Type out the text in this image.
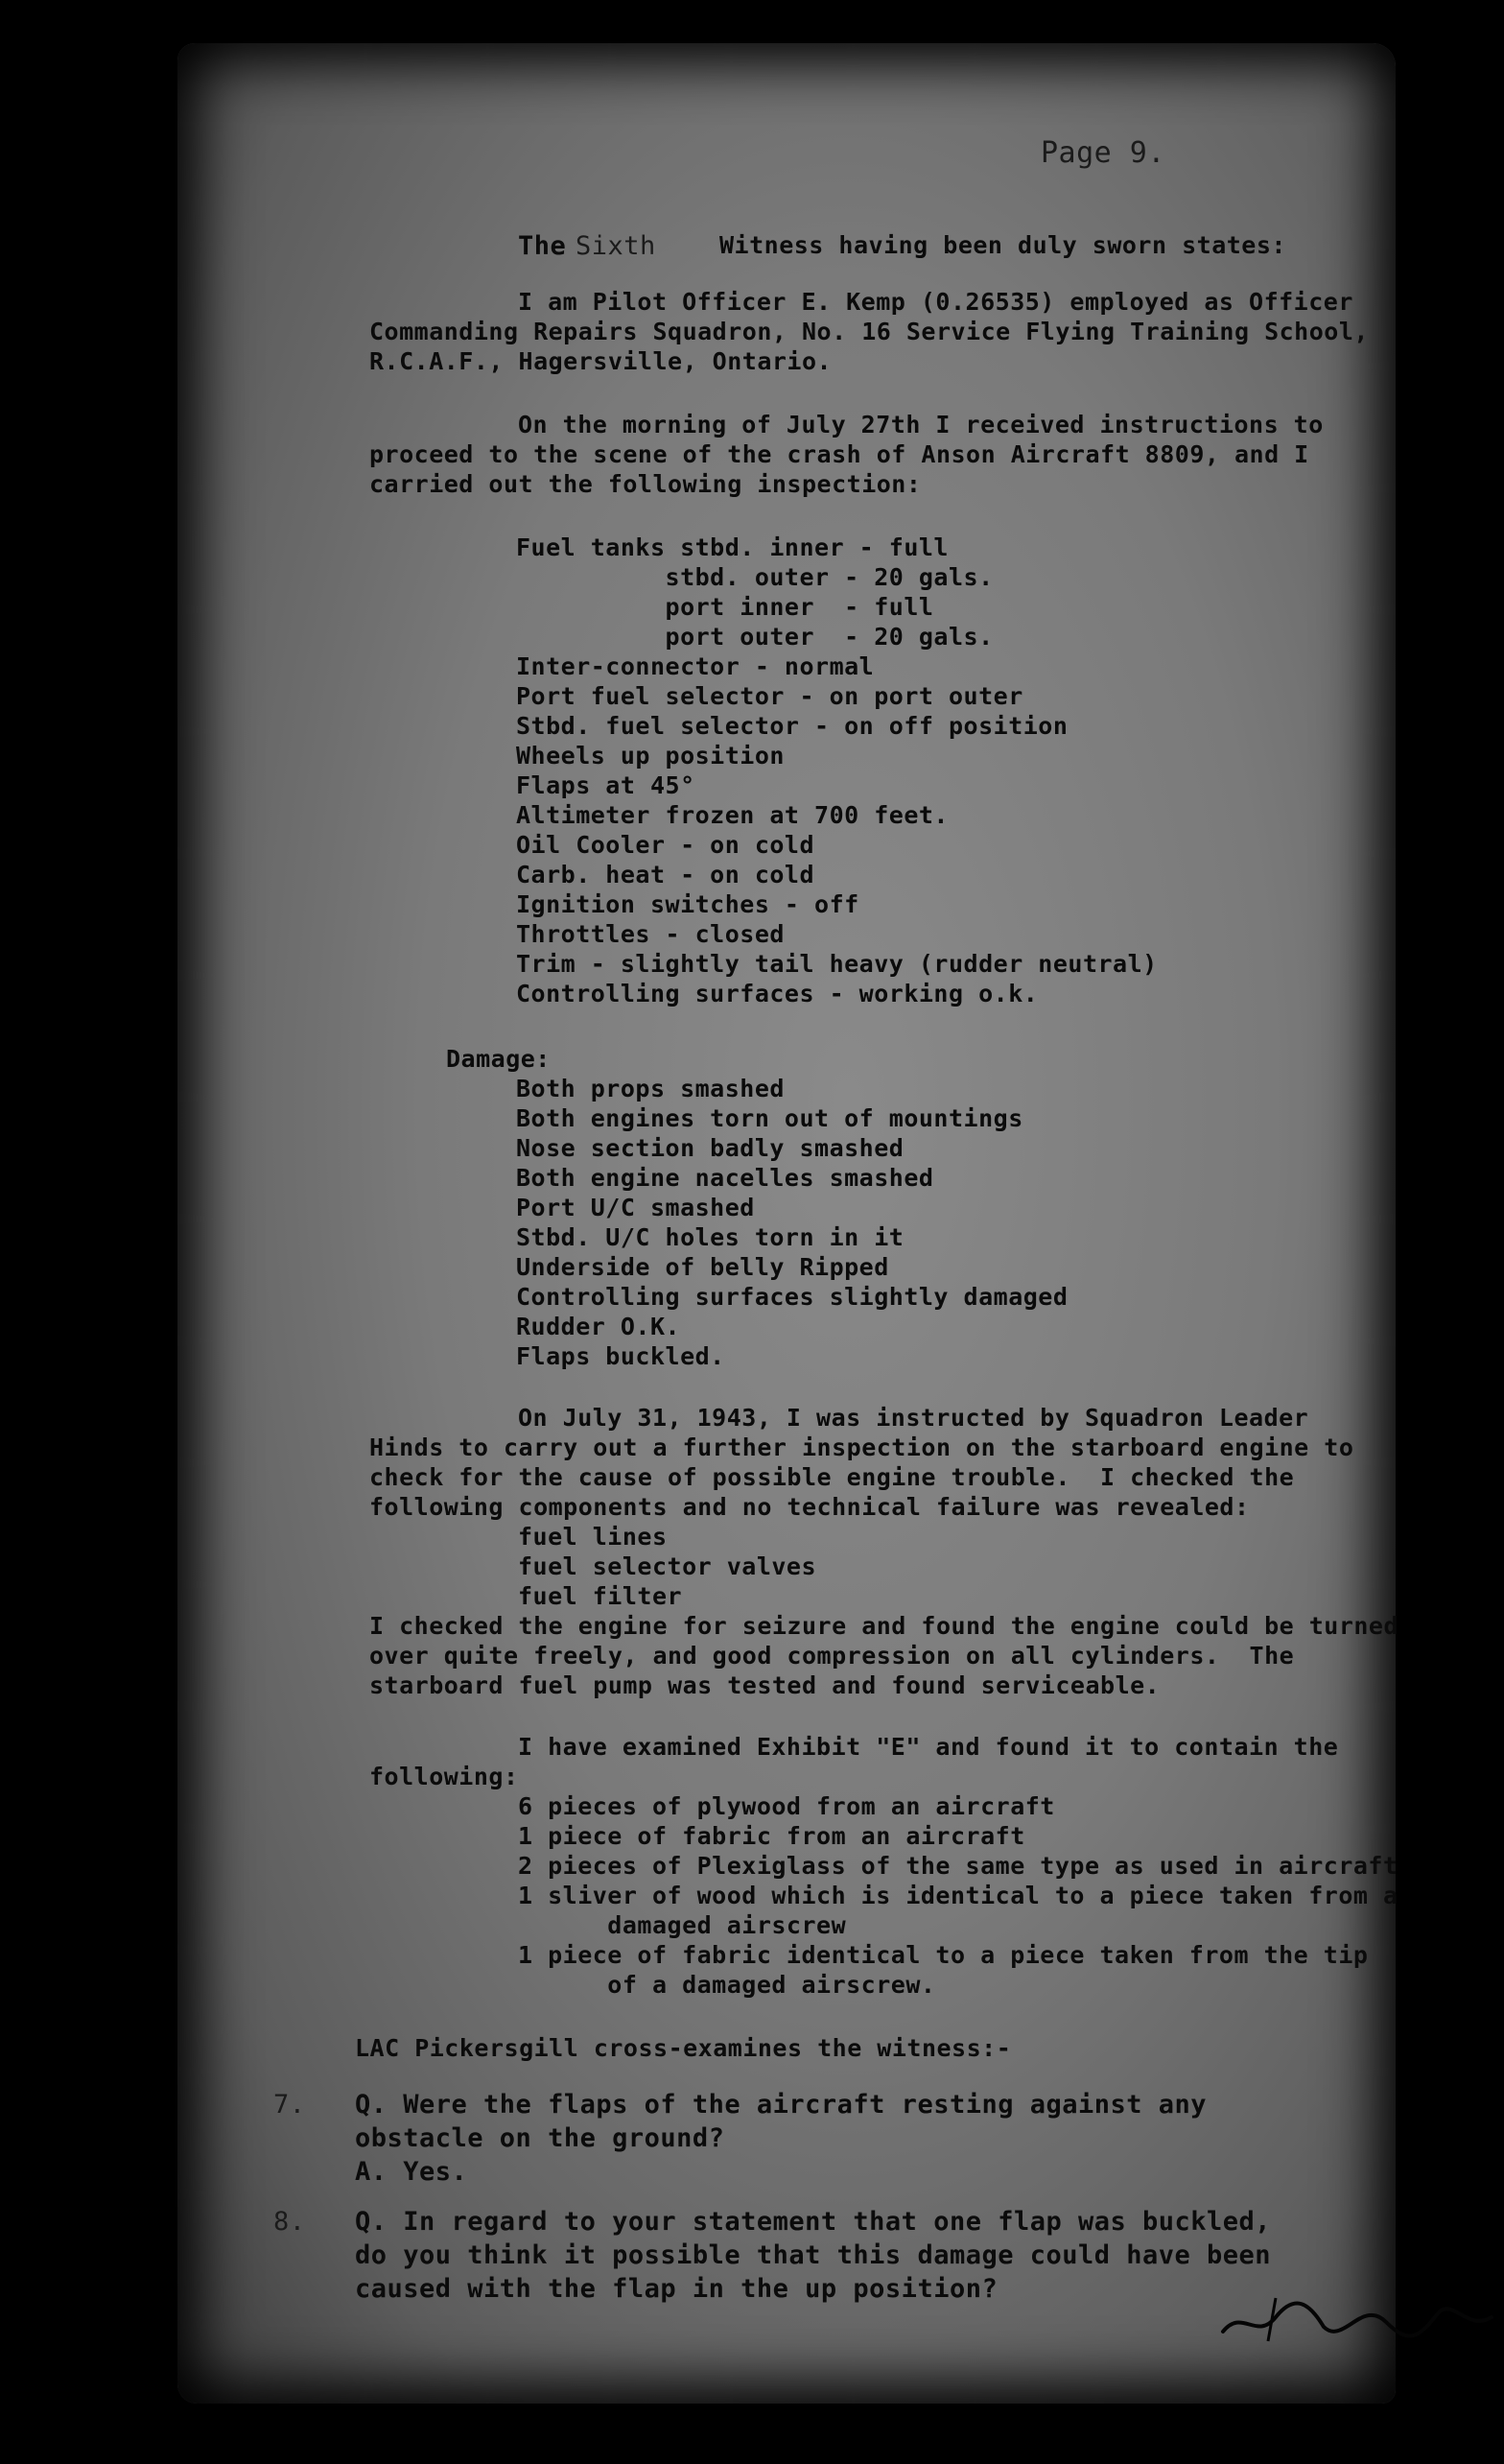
Page 9.
The Sixth	Witness having been duly sworn states:
I am Pilot Officer E. Kemp (0.26535) employed as Officer
Commanding Repairs Squadron, No. 16 Service Flying Training School,
R.C.A.F., Hagersville, Ontario.
On the morning of July 27th I received instructions to
proceed to the scene of the crash of Anson Aircraft 8809, and I
carried out the following inspection:
Fuel tanks stbd. inner - full
stbd. outer - 20 gals.
port inner  - full
port outer  - 20 gals.
Inter-connector - normal
Port fuel selector - on port outer
Stbd. fuel selector - on off position
Wheels up position
Flaps at 45°
Altimeter frozen at 700 feet.
Oil Cooler - on cold
Carb. heat - on cold
Ignition switches - off
Throttles - closed
Trim - slightly tail heavy (rudder neutral)
Controlling surfaces - working o.k.
Damage:
Both props smashed
Both engines torn out of mountings
Nose section badly smashed
Both engine nacelles smashed
Port U/C smashed
Stbd. U/C holes torn in it
Underside of belly Ripped
Controlling surfaces slightly damaged
Rudder O.K.
Flaps buckled.
On July 31, 1943, I was instructed by Squadron Leader
Hinds to carry out a further inspection on the starboard engine to
check for the cause of possible engine trouble.  I checked the
following components and no technical failure was revealed:
fuel lines
fuel selector valves
fuel filter
I checked the engine for seizure and found the engine could be turned
over quite freely, and good compression on all cylinders.  The
starboard fuel pump was tested and found serviceable.
I have examined Exhibit "E" and found it to contain the
following:
6 pieces of plywood from an aircraft
1 piece of fabric from an aircraft
2 pieces of Plexiglass of the same type as used in aircraft
1 sliver of wood which is identical to a piece taken from a
damaged airscrew
1 piece of fabric identical to a piece taken from the tip
of a damaged airscrew.
LAC Pickersgill cross-examines the witness:-
7. Q. Were the flaps of the aircraft resting against any
obstacle on the ground?
A. Yes.
8. Q. In regard to your statement that one flap was buckled,
do you think it possible that this damage could have been
caused with the flap in the up position?
